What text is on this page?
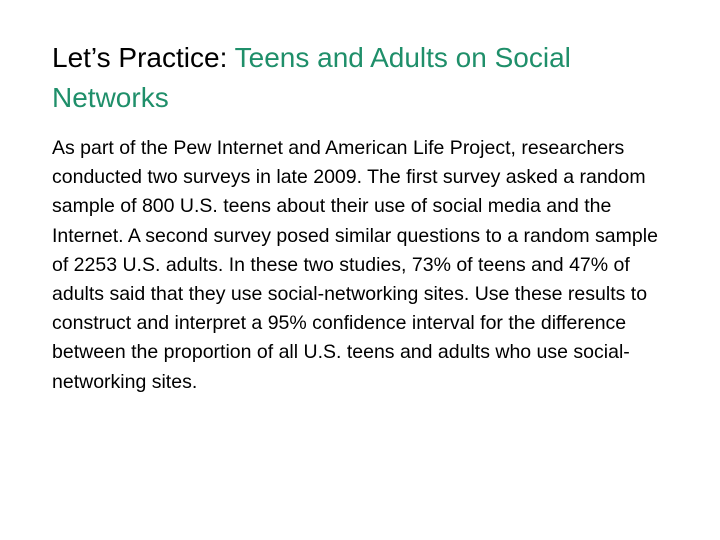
Let’s Practice: Teens and Adults on Social Networks

As part of the Pew Internet and American Life Project, researchers conducted two surveys in late 2009. The first survey asked a random sample of 800 U.S. teens about their use of social media and the Internet. A second survey posed similar questions to a random sample of 2253 U.S. adults. In these two studies, 73% of teens and 47% of adults said that they use social-networking sites. Use these results to construct and interpret a 95% confidence interval for the difference between the proportion of all U.S. teens and adults who use social-networking sites.
